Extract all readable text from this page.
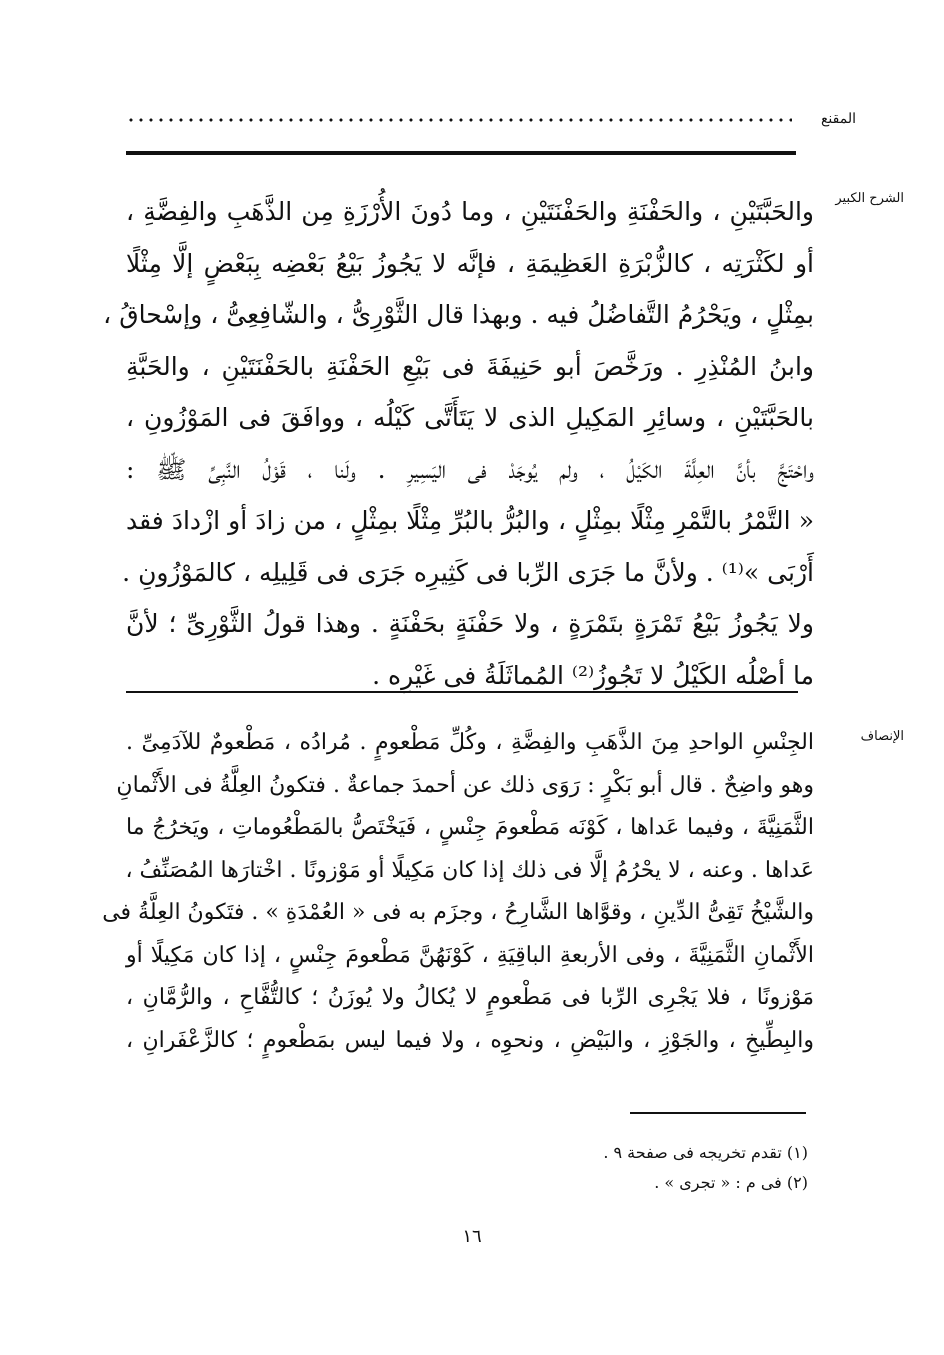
المقنع
الشرح الكبير
والحَبَّتَيْنِ ، والحَفْنَةِ والحَفْنَتَيْنِ ، وما دُونَ الأُرْزَةِ مِن الذَّهَبِ والفِضَّةِ ،
أو لكَثْرَتِه ، كالزُّبْرَةِ العَظِيمَةِ ، فإنَّه لا يَجُوزُ بَيْعُ بَعْضِه بِبَعْضٍ إلَّا مِثْلًا
بمِثْلٍ ، ويَحْرُمُ التَّفاضُلُ فيه . وبهذا قال الثَّوْرِىُّ ، والشّافِعِىُّ ، وإسْحاقُ ،
وابنُ المُنْذِرِ . ورَخَّصَ أبو حَنِيفَةَ فى بَيْعِ الحَفْنَةِ بالحَفْنَتَيْنِ ، والحَبَّةِ
بالحَبَّتَيْنِ ، وسائِرِ المَكِيلِ الذى لا يَتَأَتَّى كَيْلُه ، ووافَقَ فى المَوْزُونِ ،
واحْتَجَّ بأنَّ العِلَّةَ الكَيْلُ ، ولم يُوجَدْ فى اليَسِيرِ . ولَنا ، قَوْلُ النَّبِىِّ ﷺ :
« التَّمْرُ بالتَّمْرِ مِثْلًا بمِثْلٍ ، والبُرُّ بالبُرِّ مِثْلًا بمِثْلٍ ، من زادَ أو ازْدادَ فقد
أَرْبَى »⁽¹⁾ . ولأنَّ ما جَرَى الرِّبا فى كَثِيرِه جَرَى فى قَلِيلِه ، كالمَوْزُونِ .
ولا يَجُوزُ بَيْعُ تَمْرَةٍ بتَمْرَةٍ ، ولا حَفْنَةٍ بحَفْنَةٍ . وهذا قولُ الثَّوْرِىِّ ؛ لأنَّ
ما أصْلُه الكَيْلُ لا تَجُوزُ⁽²⁾ المُماثَلَةُ فى غَيْرِه .
الإنصاف
الجِنْسِ الواحدِ مِنَ الذَّهَبِ والفِضَّةِ ، وكُلِّ مَطْعومٍ . مُرادُه ، مَطْعومٌ للآدَمِىِّ .
وهو واضِحٌ . قال أبو بَكْرٍ : رَوَى ذلك عن أحمدَ جماعةٌ . فتكونُ العِلَّةُ فى الأَثْمانِ
الثَّمَنِيَّةَ ، وفيما عَداها ، كَوْنَه مَطْعومَ جِنْسٍ ، فَيَخْتَصُّ بالمَطْعُوماتِ ، ويَخرُجُ ما
عَداها . وعنه ، لا يحْرُمُ إلَّا فى ذلك إذا كان مَكِيلًا أو مَوْزونًا . اخْتارَها المُصَنِّفُ ،
والشَّيْخُ تَقِىُّ الدِّينِ ، وقوَّاها الشَّارِحُ ، وجزَم به فى « العُمْدَةِ » . فتَكونُ العِلَّةُ فى
الأَثْمانِ الثَّمَنِيَّةَ ، وفى الأربعةِ الباقِيَةِ ، كَوْنَهُنَّ مَطْعومَ جِنْسٍ ، إذا كان مَكِيلًا أو
مَوْزونًا ، فلا يَجْرِى الرِّبا فى مَطْعومٍ لا يُكالُ ولا يُوزَنُ ؛ كالتُّفَّاحِ ، والرُّمَّانِ ،
والبِطِّيخِ ، والجَوْزِ ، والبَيْضِ ، ونحوِه ، ولا فيما ليس بمَطْعومٍ ؛ كالزَّعْفَرانِ ،
(١) تقدم تخريجه فى صفحة ٩ .
(٢) فى م : « تجرى » .
١٦
